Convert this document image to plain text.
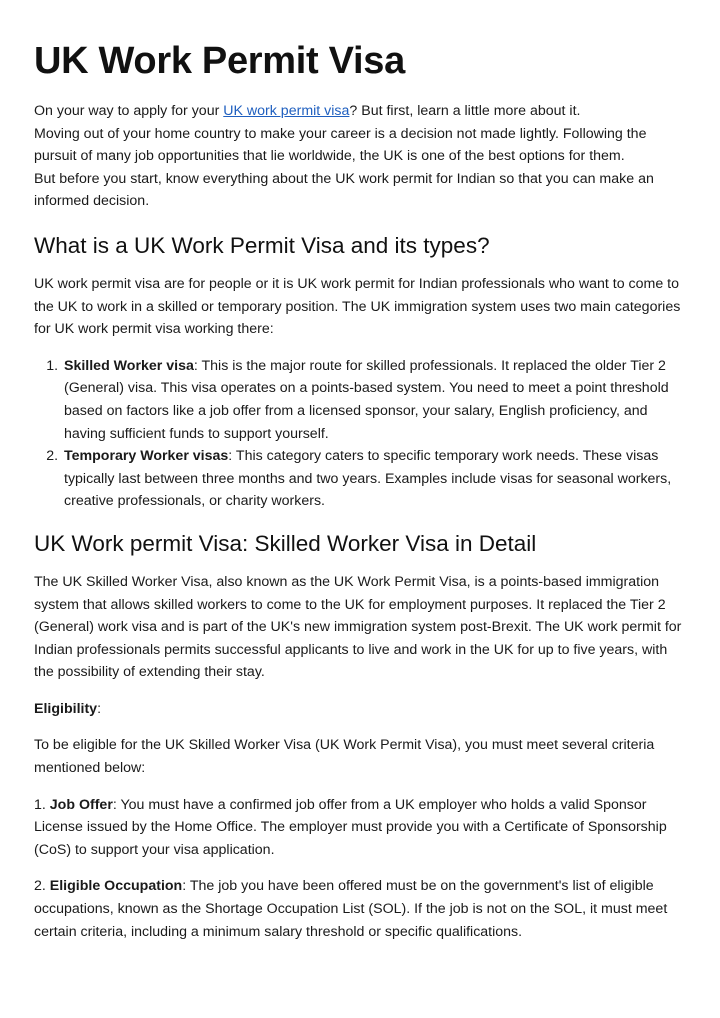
UK Work Permit Visa

On your way to apply for your UK work permit visa? But first, learn a little more about it.
Moving out of your home country to make your career is a decision not made lightly. Following the pursuit of many job opportunities that lie worldwide, the UK is one of the best options for them.
But before you start, know everything about the UK work permit for Indian so that you can make an informed decision.

What is a UK Work Permit Visa and its types?

UK work permit visa are for people or it is UK work permit for Indian professionals who want to come to the UK to work in a skilled or temporary position. The UK immigration system uses two main categories for UK work permit visa working there:

1. Skilled Worker visa: This is the major route for skilled professionals. It replaced the older Tier 2 (General) visa. This visa operates on a points-based system. You need to meet a point threshold based on factors like a job offer from a licensed sponsor, your salary, English proficiency, and having sufficient funds to support yourself.
2. Temporary Worker visas: This category caters to specific temporary work needs. These visas typically last between three months and two years. Examples include visas for seasonal workers, creative professionals, or charity workers.
UK Work permit Visa: Skilled Worker Visa in Detail

The UK Skilled Worker Visa, also known as the UK Work Permit Visa, is a points-based immigration system that allows skilled workers to come to the UK for employment purposes. It replaced the Tier 2 (General) work visa and is part of the UK's new immigration system post-Brexit. The UK work permit for Indian professionals permits successful applicants to live and work in the UK for up to five years, with the possibility of extending their stay.

Eligibility:

To be eligible for the UK Skilled Worker Visa (UK Work Permit Visa), you must meet several criteria mentioned below:

1. Job Offer: You must have a confirmed job offer from a UK employer who holds a valid Sponsor License issued by the Home Office. The employer must provide you with a Certificate of Sponsorship (CoS) to support your visa application.

2. Eligible Occupation: The job you have been offered must be on the government's list of eligible occupations, known as the Shortage Occupation List (SOL). If the job is not on the SOL, it must meet certain criteria, including a minimum salary threshold or specific qualifications.
